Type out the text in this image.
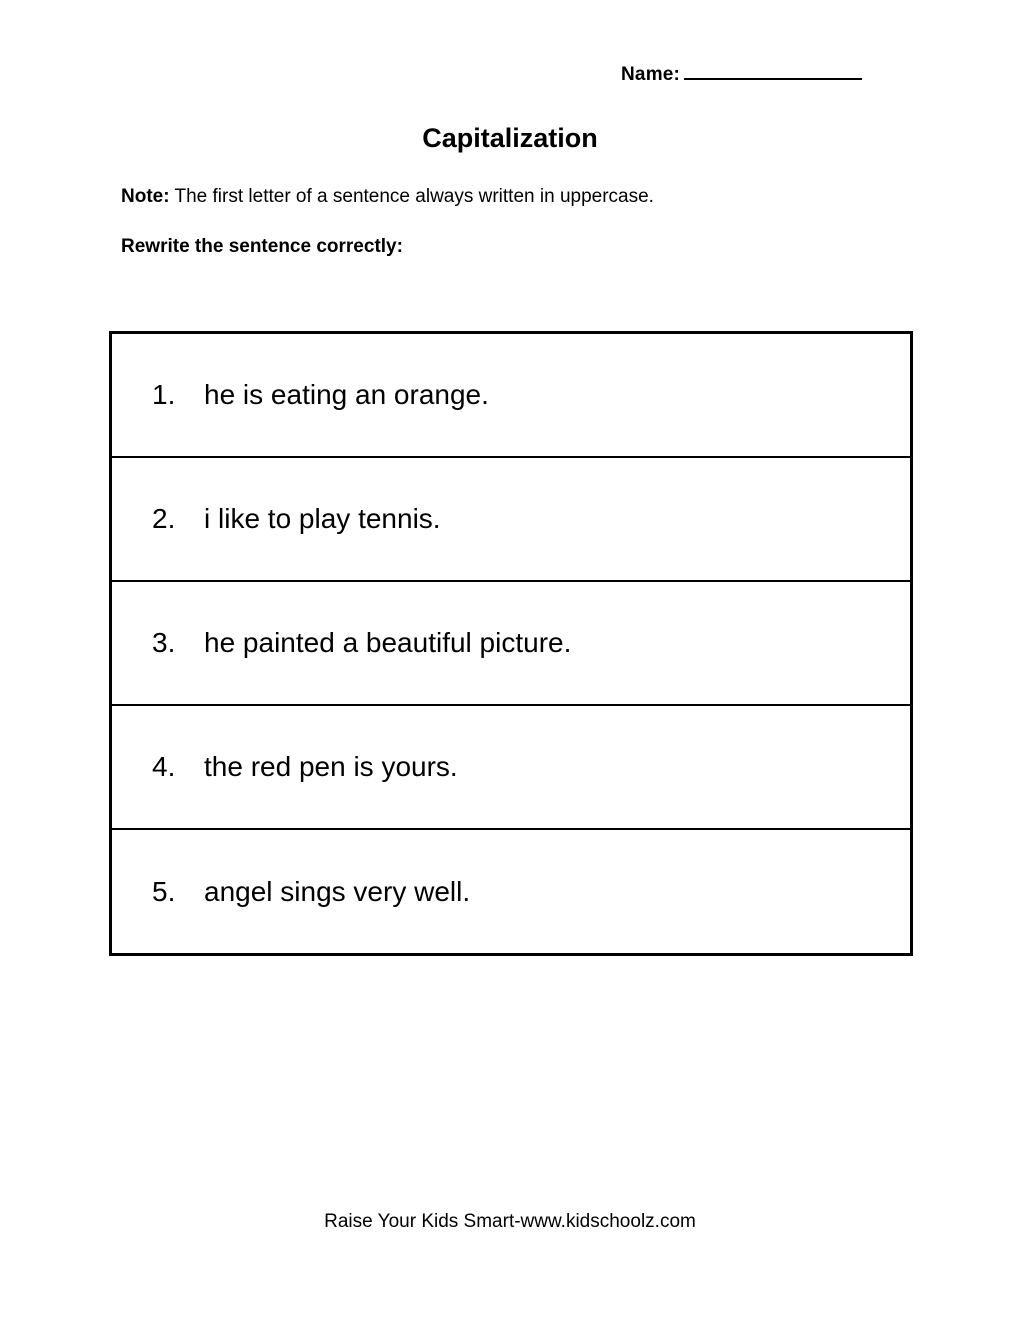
Name:
Capitalization
Note: The first letter of a sentence always written in uppercase.
Rewrite the sentence correctly:
1.	he is eating an orange.
2.	i like to play tennis.
3.	he painted a beautiful picture.
4.	the red pen is yours.
5.	angel sings very well.
Raise Your Kids Smart-www.kidschoolz.com
